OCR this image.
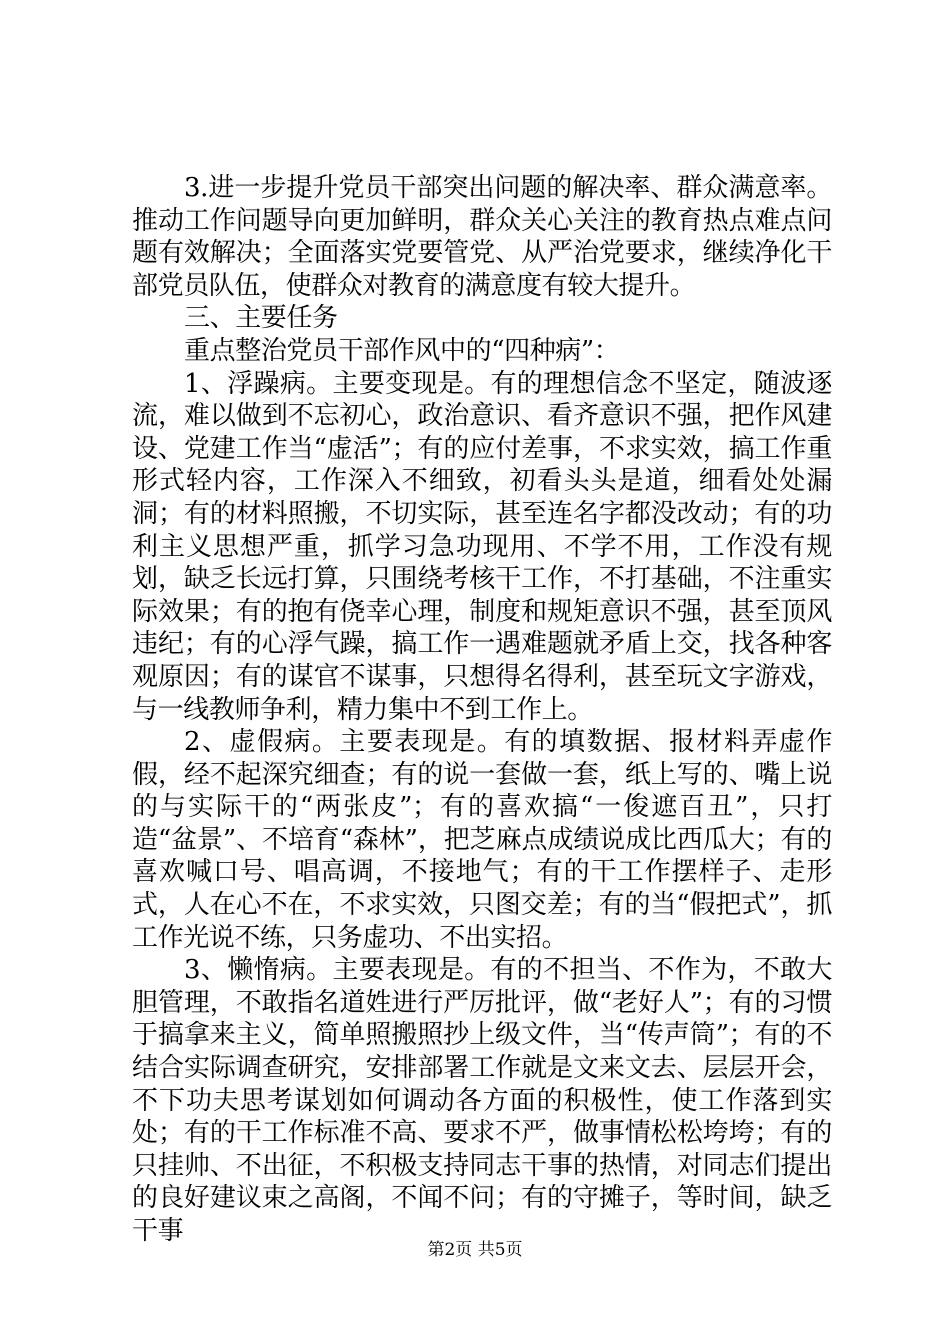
3.进一步提升党员干部突出问题的解决率、群众满意率。推动工作问题导向更加鲜明，群众关心关注的教育热点难点问题有效解决；全面落实党要管党、从严治党要求，继续净化干部党员队伍，使群众对教育的满意度有较大提升。

三、主要任务

重点整治党员干部作风中的“四种病”：

1、浮躁病。主要变现是。有的理想信念不坚定，随波逐流，难以做到不忘初心，政治意识、看齐意识不强，把作风建设、党建工作当“虚活”；有的应付差事，不求实效，搞工作重形式轻内容，工作深入不细致，初看头头是道，细看处处漏洞；有的材料照搬，不切实际，甚至连名字都没改动；有的功利主义思想严重，抓学习急功现用、不学不用，工作没有规划，缺乏长远打算，只围绕考核干工作，不打基础，不注重实际效果；有的抱有侥幸心理，制度和规矩意识不强，甚至顶风违纪；有的心浮气躁，搞工作一遇难题就矛盾上交，找各种客观原因；有的谋官不谋事，只想得名得利，甚至玩文字游戏，与一线教师争利，精力集中不到工作上。

2、虚假病。主要表现是。有的填数据、报材料弄虚作假，经不起深究细查；有的说一套做一套，纸上写的、嘴上说的与实际干的“两张皮”；有的喜欢搞“一俊遮百丑”，只打造“盆景”、不培育“森林”，把芝麻点成绩说成比西瓜大；有的喜欢喊口号、唱高调，不接地气；有的干工作摆样子、走形式，人在心不在，不求实效，只图交差；有的当“假把式”，抓工作光说不练，只务虚功、不出实招。

3、懒惰病。主要表现是。有的不担当、不作为，不敢大胆管理，不敢指名道姓进行严厉批评，做“老好人”；有的习惯于搞拿来主义，简单照搬照抄上级文件，当“传声筒”；有的不结合实际调查研究，安排部署工作就是文来文去、层层开会，不下功夫思考谋划如何调动各方面的积极性，使工作落到实处；有的干工作标准不高、要求不严，做事情松松垮垮；有的只挂帅、不出征，不积极支持同志干事的热情，对同志们提出的良好建议束之高阁，不闻不问；有的守摊子，等时间，缺乏干事

第2页 共5页
